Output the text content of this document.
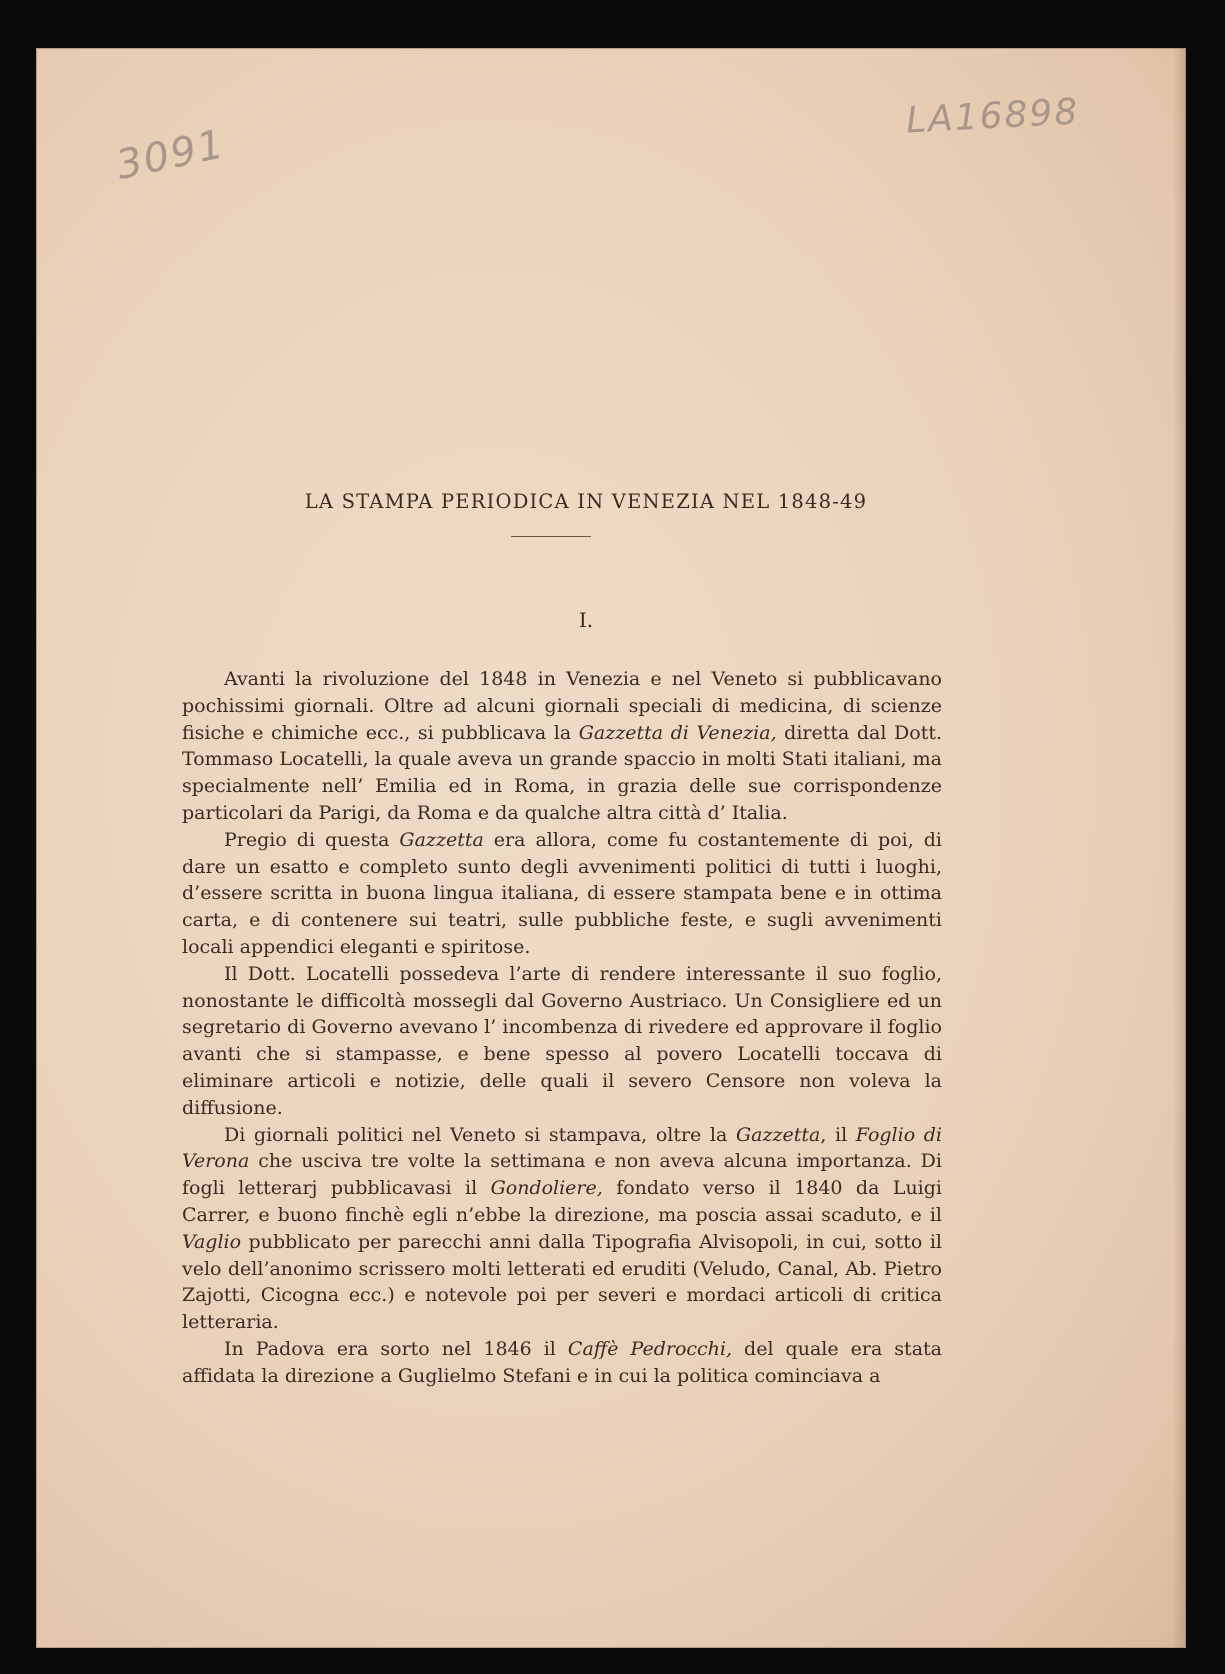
3091
LA16898
LA STAMPA PERIODICA IN VENEZIA NEL 1848-49
I.

Avanti la rivoluzione del 1848 in Venezia e nel Veneto si pubblicavano pochissimi giornali. Oltre ad alcuni giornali speciali di medicina, di scienze fisiche e chimiche ecc., si pubblicava la Gazzetta di Venezia, diretta dal Dott. Tommaso Locatelli, la quale aveva un grande spaccio in molti Stati italiani, ma specialmente nell’ Emilia ed in Roma, in grazia delle sue corrispondenze particolari da Parigi, da Roma e da qualche altra città d’ Italia.

Pregio di questa Gazzetta era allora, come fu costantemente di poi, di dare un esatto e completo sunto degli avvenimenti politici di tutti i luoghi, d’essere scritta in buona lingua italiana, di essere stampata bene e in ottima carta, e di contenere sui teatri, sulle pubbliche feste, e sugli avvenimenti locali appendici eleganti e spiritose.

Il Dott. Locatelli possedeva l’arte di rendere interessante il suo foglio, nonostante le difficoltà mossegli dal Governo Austriaco. Un Consigliere ed un segretario di Governo avevano l’ incombenza di rivedere ed approvare il foglio avanti che si stampasse, e bene spesso al povero Locatelli toccava di eliminare articoli e notizie, delle quali il severo Censore non voleva la diffusione.

Di giornali politici nel Veneto si stampava, oltre la Gazzetta, il Foglio di Verona che usciva tre volte la settimana e non aveva alcuna importanza. Di fogli letterarj pubblicavasi il Gondoliere, fondato verso il 1840 da Luigi Carrer, e buono finchè egli n’ebbe la direzione, ma poscia assai scaduto, e il Vaglio pubblicato per parecchi anni dalla Tipografia Alvisopoli, in cui, sotto il velo dell’anonimo scrissero molti letterati ed eruditi (Veludo, Canal, Ab. Pietro Zajotti, Cicogna ecc.) e notevole poi per severi e mordaci articoli di critica letteraria.

In Padova era sorto nel 1846 il Caffè Pedrocchi, del quale era stata affidata la direzione a Guglielmo Stefani e in cui la politica cominciava a
